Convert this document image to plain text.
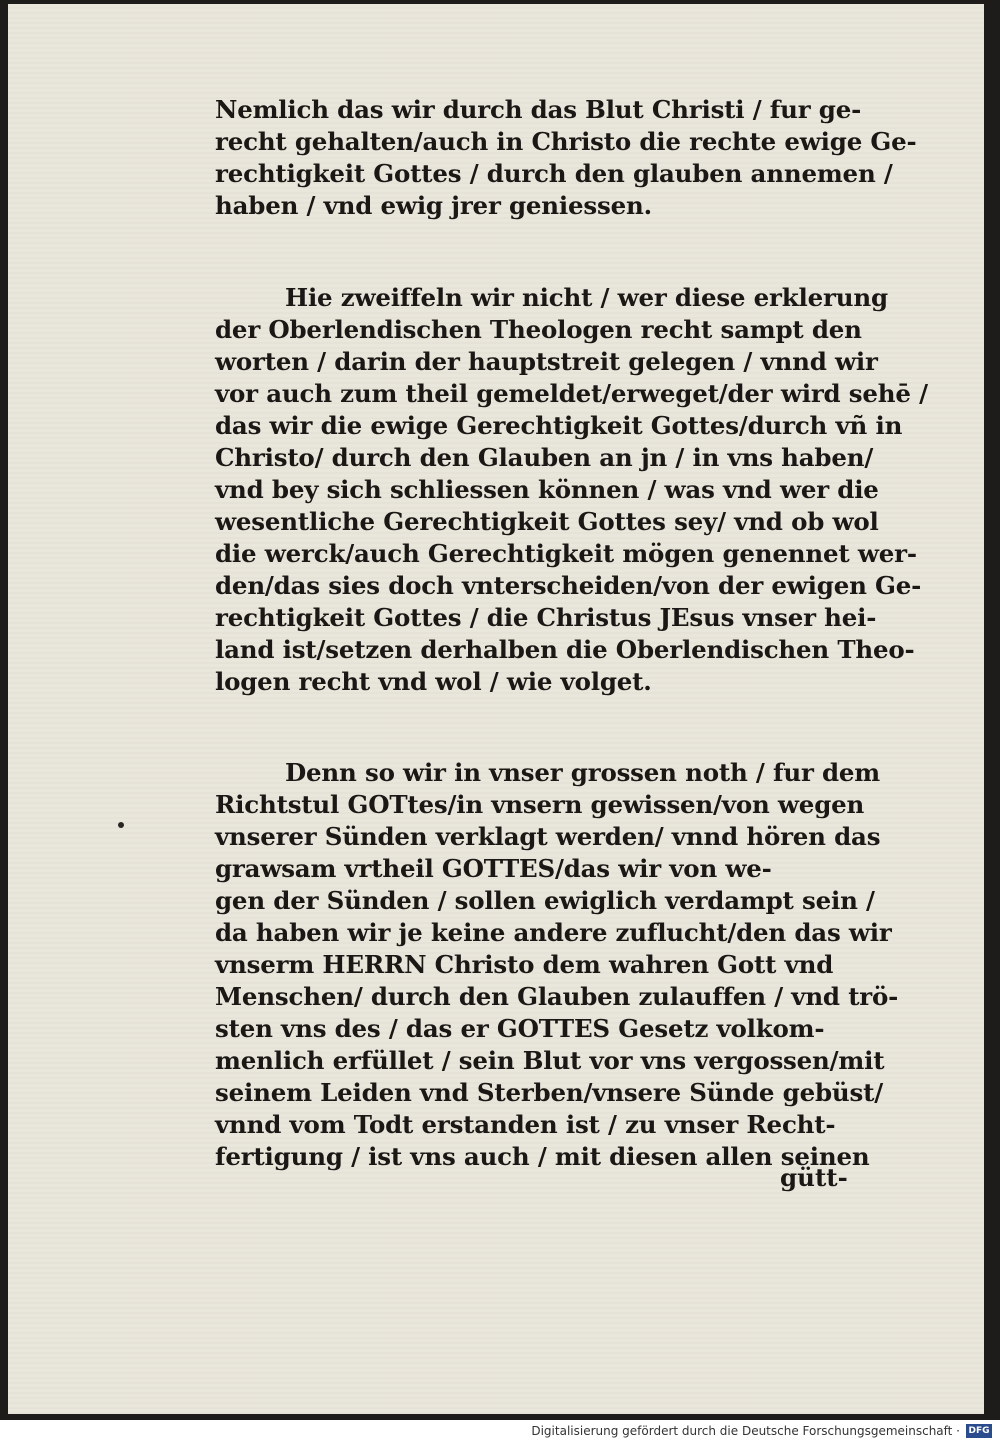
Nemlich das wir durch das Blut Christi / fur ge-
recht gehalten/auch in Christo die rechte ewige Ge-
rechtigkeit Gottes / durch den glauben annemen /
haben / vnd ewig jrer geniessen.
Hie zweiffeln wir nicht / wer diese erklerung
der Oberlendischen Theologen recht sampt den
worten / darin der hauptstreit gelegen / vnnd wir
vor auch zum theil gemeldet/erweget/der wird sehē /
das wir die ewige Gerechtigkeit Gottes/durch vñ in
Christo/ durch den Glauben an jn / in vns haben/
vnd bey sich schliessen können / was vnd wer die
wesentliche Gerechtigkeit Gottes sey/ vnd ob wol
die werck/auch Gerechtigkeit mögen genennet wer-
den/das sies doch vnterscheiden/von der ewigen Ge-
rechtigkeit Gottes / die Christus JEsus vnser hei-
land ist/setzen derhalben die Oberlendischen Theo-
logen recht vnd wol / wie volget.
Denn so wir in vnser grossen noth / fur dem
Richtstul GOTtes/in vnsern gewissen/von wegen
vnserer Sünden verklagt werden/ vnnd hören das
grawsam vrtheil GOTTES/das wir von we-
gen der Sünden / sollen ewiglich verdampt sein /
da haben wir je keine andere zuflucht/den das wir
vnserm HERRN Christo dem wahren Gott vnd
Menschen/ durch den Glauben zulauffen / vnd trö-
sten vns des / das er GOTTES Gesetz volkom-
menlich erfüllet / sein Blut vor vns vergossen/mit
seinem Leiden vnd Sterben/vnsere Sünde gebüst/
vnnd vom Todt erstanden ist / zu vnser Recht-
fertigung / ist vns auch / mit diesen allen seinen
gütt-
Digitalisierung gefördert durch die Deutsche Forschungsgemeinschaft · DFG
